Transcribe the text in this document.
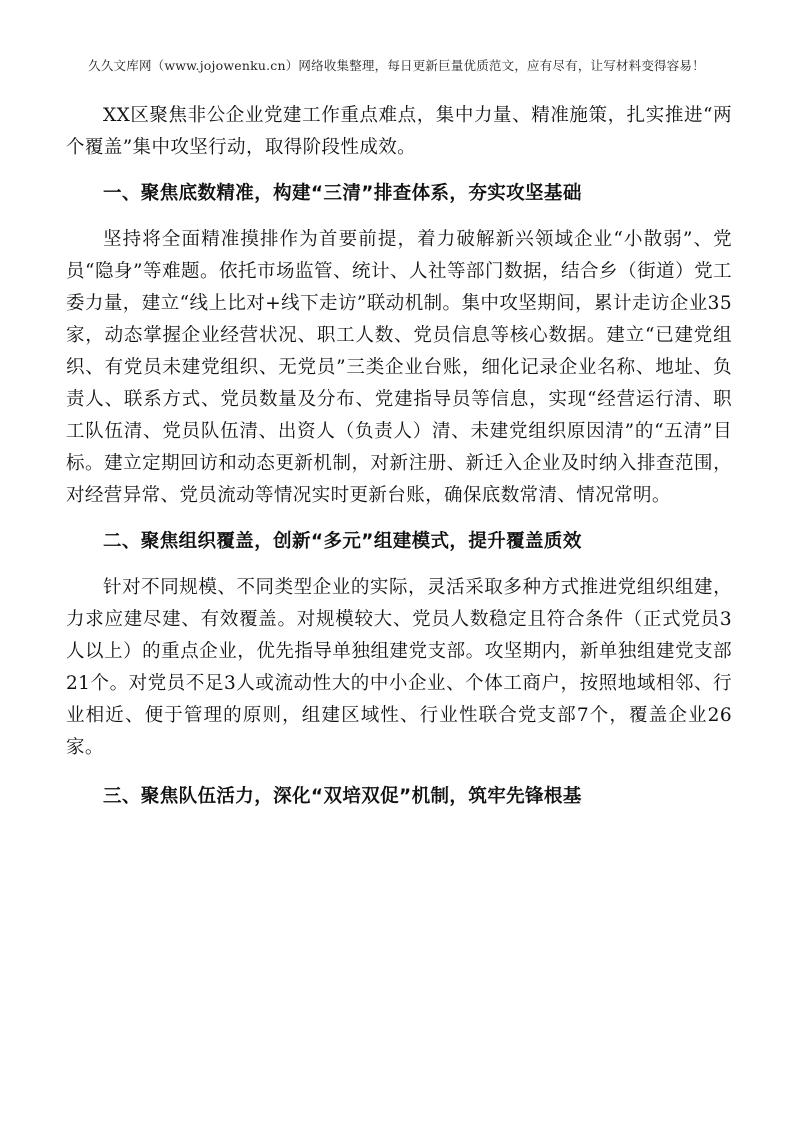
久久文库网（www.jojowenku.cn）网络收集整理，每日更新巨量优质范文，应有尽有，让写材料变得容易！

XX区聚焦非公企业党建工作重点难点，集中力量、精准施策，扎实推进“两个覆盖”集中攻坚行动，取得阶段性成效。

一、聚焦底数精准，构建“三清”排查体系，夯实攻坚基础

坚持将全面精准摸排作为首要前提，着力破解新兴领域企业“小散弱”、党员“隐身”等难题。依托市场监管、统计、人社等部门数据，结合乡（街道）党工委力量，建立“线上比对+线下走访”联动机制。集中攻坚期间，累计走访企业35家，动态掌握企业经营状况、职工人数、党员信息等核心数据。建立“已建党组织、有党员未建党组织、无党员”三类企业台账，细化记录企业名称、地址、负责人、联系方式、党员数量及分布、党建指导员等信息，实现“经营运行清、职工队伍清、党员队伍清、出资人（负责人）清、未建党组织原因清”的“五清”目标。建立定期回访和动态更新机制，对新注册、新迁入企业及时纳入排查范围，对经营异常、党员流动等情况实时更新台账，确保底数常清、情况常明。

二、聚焦组织覆盖，创新“多元”组建模式，提升覆盖质效

针对不同规模、不同类型企业的实际，灵活采取多种方式推进党组织组建，力求应建尽建、有效覆盖。对规模较大、党员人数稳定且符合条件（正式党员3人以上）的重点企业，优先指导单独组建党支部。攻坚期内，新单独组建党支部21个。对党员不足3人或流动性大的中小企业、个体工商户，按照地域相邻、行业相近、便于管理的原则，组建区域性、行业性联合党支部7个，覆盖企业26家。

三、聚焦队伍活力，深化“双培双促”机制，筑牢先锋根基
